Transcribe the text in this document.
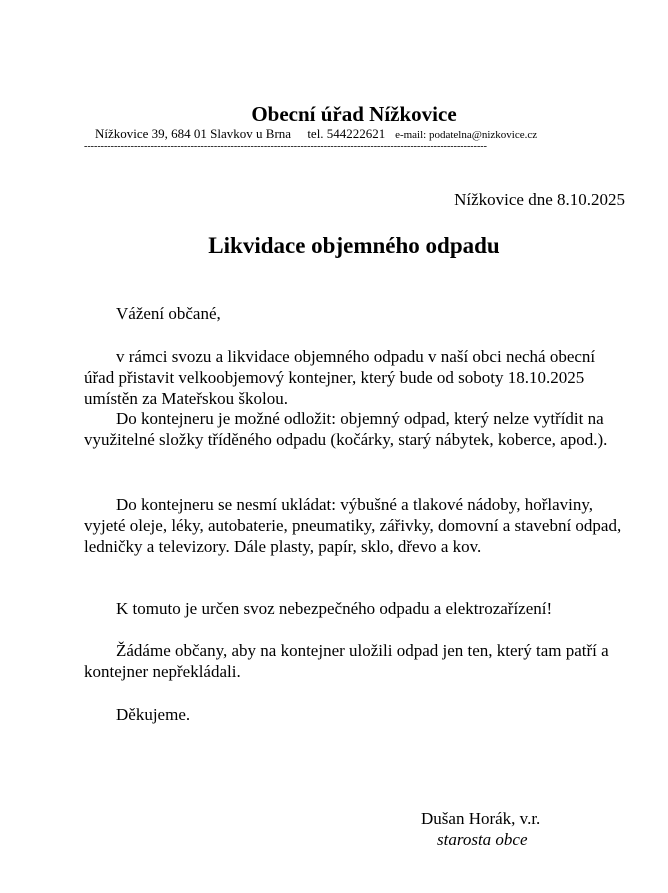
Obecní úřad Nížkovice
Nížkovice 39, 684 01 Slavkov u Brna tel. 544222621 e-mail: podatelna@nizkovice.cz
-------------------------------------------------------------------------------------------------------------------------
Nížkovice dne 8.10.2025
Likvidace objemného odpadu
Vážení občané,
v rámci svozu a likvidace objemného odpadu v naší obci nechá obecní úřad přistavit velkoobjemový kontejner, který bude od soboty 18.10.2025 umístěn za Mateřskou školou.
Do kontejneru je možné odložit: objemný odpad, který nelze vytřídit na využitelné složky tříděného odpadu (kočárky, starý nábytek, koberce, apod.).
Do kontejneru se nesmí ukládat: výbušné a tlakové nádoby, hořlaviny, vyjeté oleje, léky, autobaterie, pneumatiky, zářivky, domovní a stavební odpad, ledničky a televizory. Dále plasty, papír, sklo, dřevo a kov.
K tomuto je určen svoz nebezpečného odpadu a elektrozařízení!
Žádáme občany, aby na kontejner uložili odpad jen ten, který tam patří a kontejner nepřekládali.
Děkujeme.
Dušan Horák, v.r.
starosta obce
